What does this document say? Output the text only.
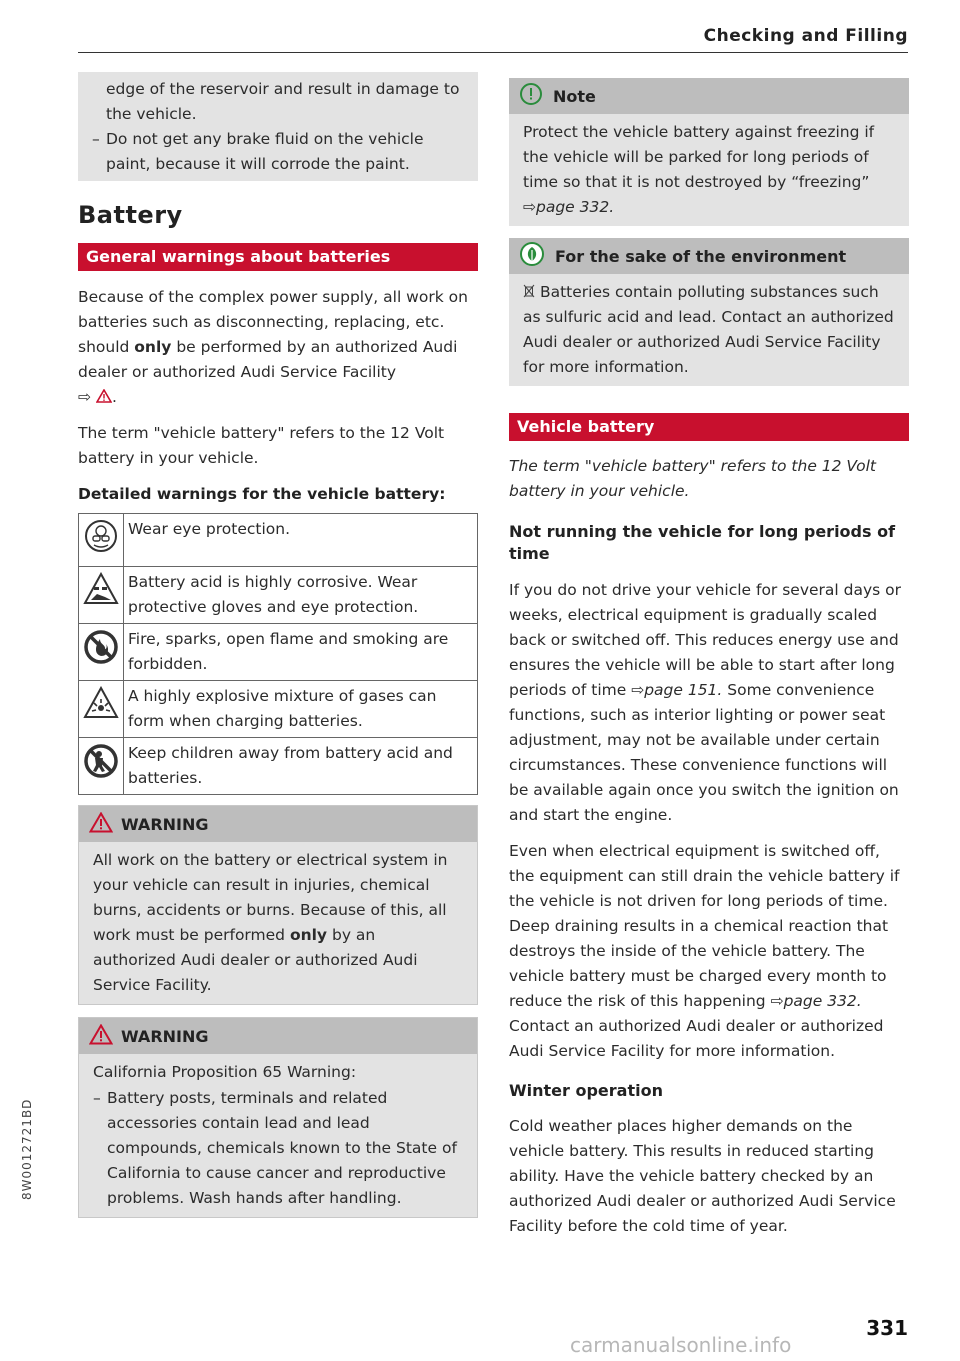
Checking and Filling

edge of the reservoir and result in damage to the vehicle.

– Do not get any brake fluid on the vehicle paint, because it will corrode the paint.
Battery
General warnings about batteries

Because of the complex power supply, all work on batteries such as disconnecting, replacing, etc. should only be performed by an authorized Audi dealer or authorized Audi Service Facility
⇨ .

The term "vehicle battery" refers to the 12 Volt battery in your vehicle.

Detailed warnings for the vehicle battery:
	Wear eye protection.
	Battery acid is highly corrosive. Wear protective gloves and eye protection.
	Fire, sparks, open flame and smoking are forbidden.
	A highly explosive mixture of gases can form when charging batteries.
	Keep children away from battery acid and batteries.
WARNING

All work on the battery or electrical system in your vehicle can result in injuries, chemical burns, accidents or burns. Because of this, all work must be performed only by an authorized Audi dealer or authorized Audi Service Facility.

WARNING

California Proposition 65 Warning:

– Battery posts, terminals and related accessories contain lead and lead compounds, chemicals known to the State of California to cause cancer and reproductive problems. Wash hands after handling.
Note

Protect the vehicle battery against freezing if the vehicle will be parked for long periods of time so that it is not destroyed by “freezing”
⇨page 332.

For the sake of the environment

Batteries contain polluting substances such as sulfuric acid and lead. Contact an authorized Audi dealer or authorized Audi Service Facility for more information.

Vehicle battery

The term "vehicle battery" refers to the 12 Volt battery in your vehicle.

Not running the vehicle for long periods of time

If you do not drive your vehicle for several days or weeks, electrical equipment is gradually scaled back or switched off. This reduces energy use and ensures the vehicle will be able to start after long periods of time ⇨page 151. Some convenience functions, such as interior lighting or power seat adjustment, may not be available under certain circumstances. These convenience functions will be available again once you switch the ignition on and start the engine.

Even when electrical equipment is switched off, the equipment can still drain the vehicle battery if the vehicle is not driven for long periods of time. Deep draining results in a chemical reaction that destroys the inside of the vehicle battery. The vehicle battery must be charged every month to reduce the risk of this happening ⇨page 332. Contact an authorized Audi dealer or authorized Audi Service Facility for more information.

Winter operation

Cold weather places higher demands on the vehicle battery. This results in reduced starting ability. Have the vehicle battery checked by an authorized Audi dealer or authorized Audi Service Facility before the cold time of year.

8W0012721BD
331
carmanualsonline.info
